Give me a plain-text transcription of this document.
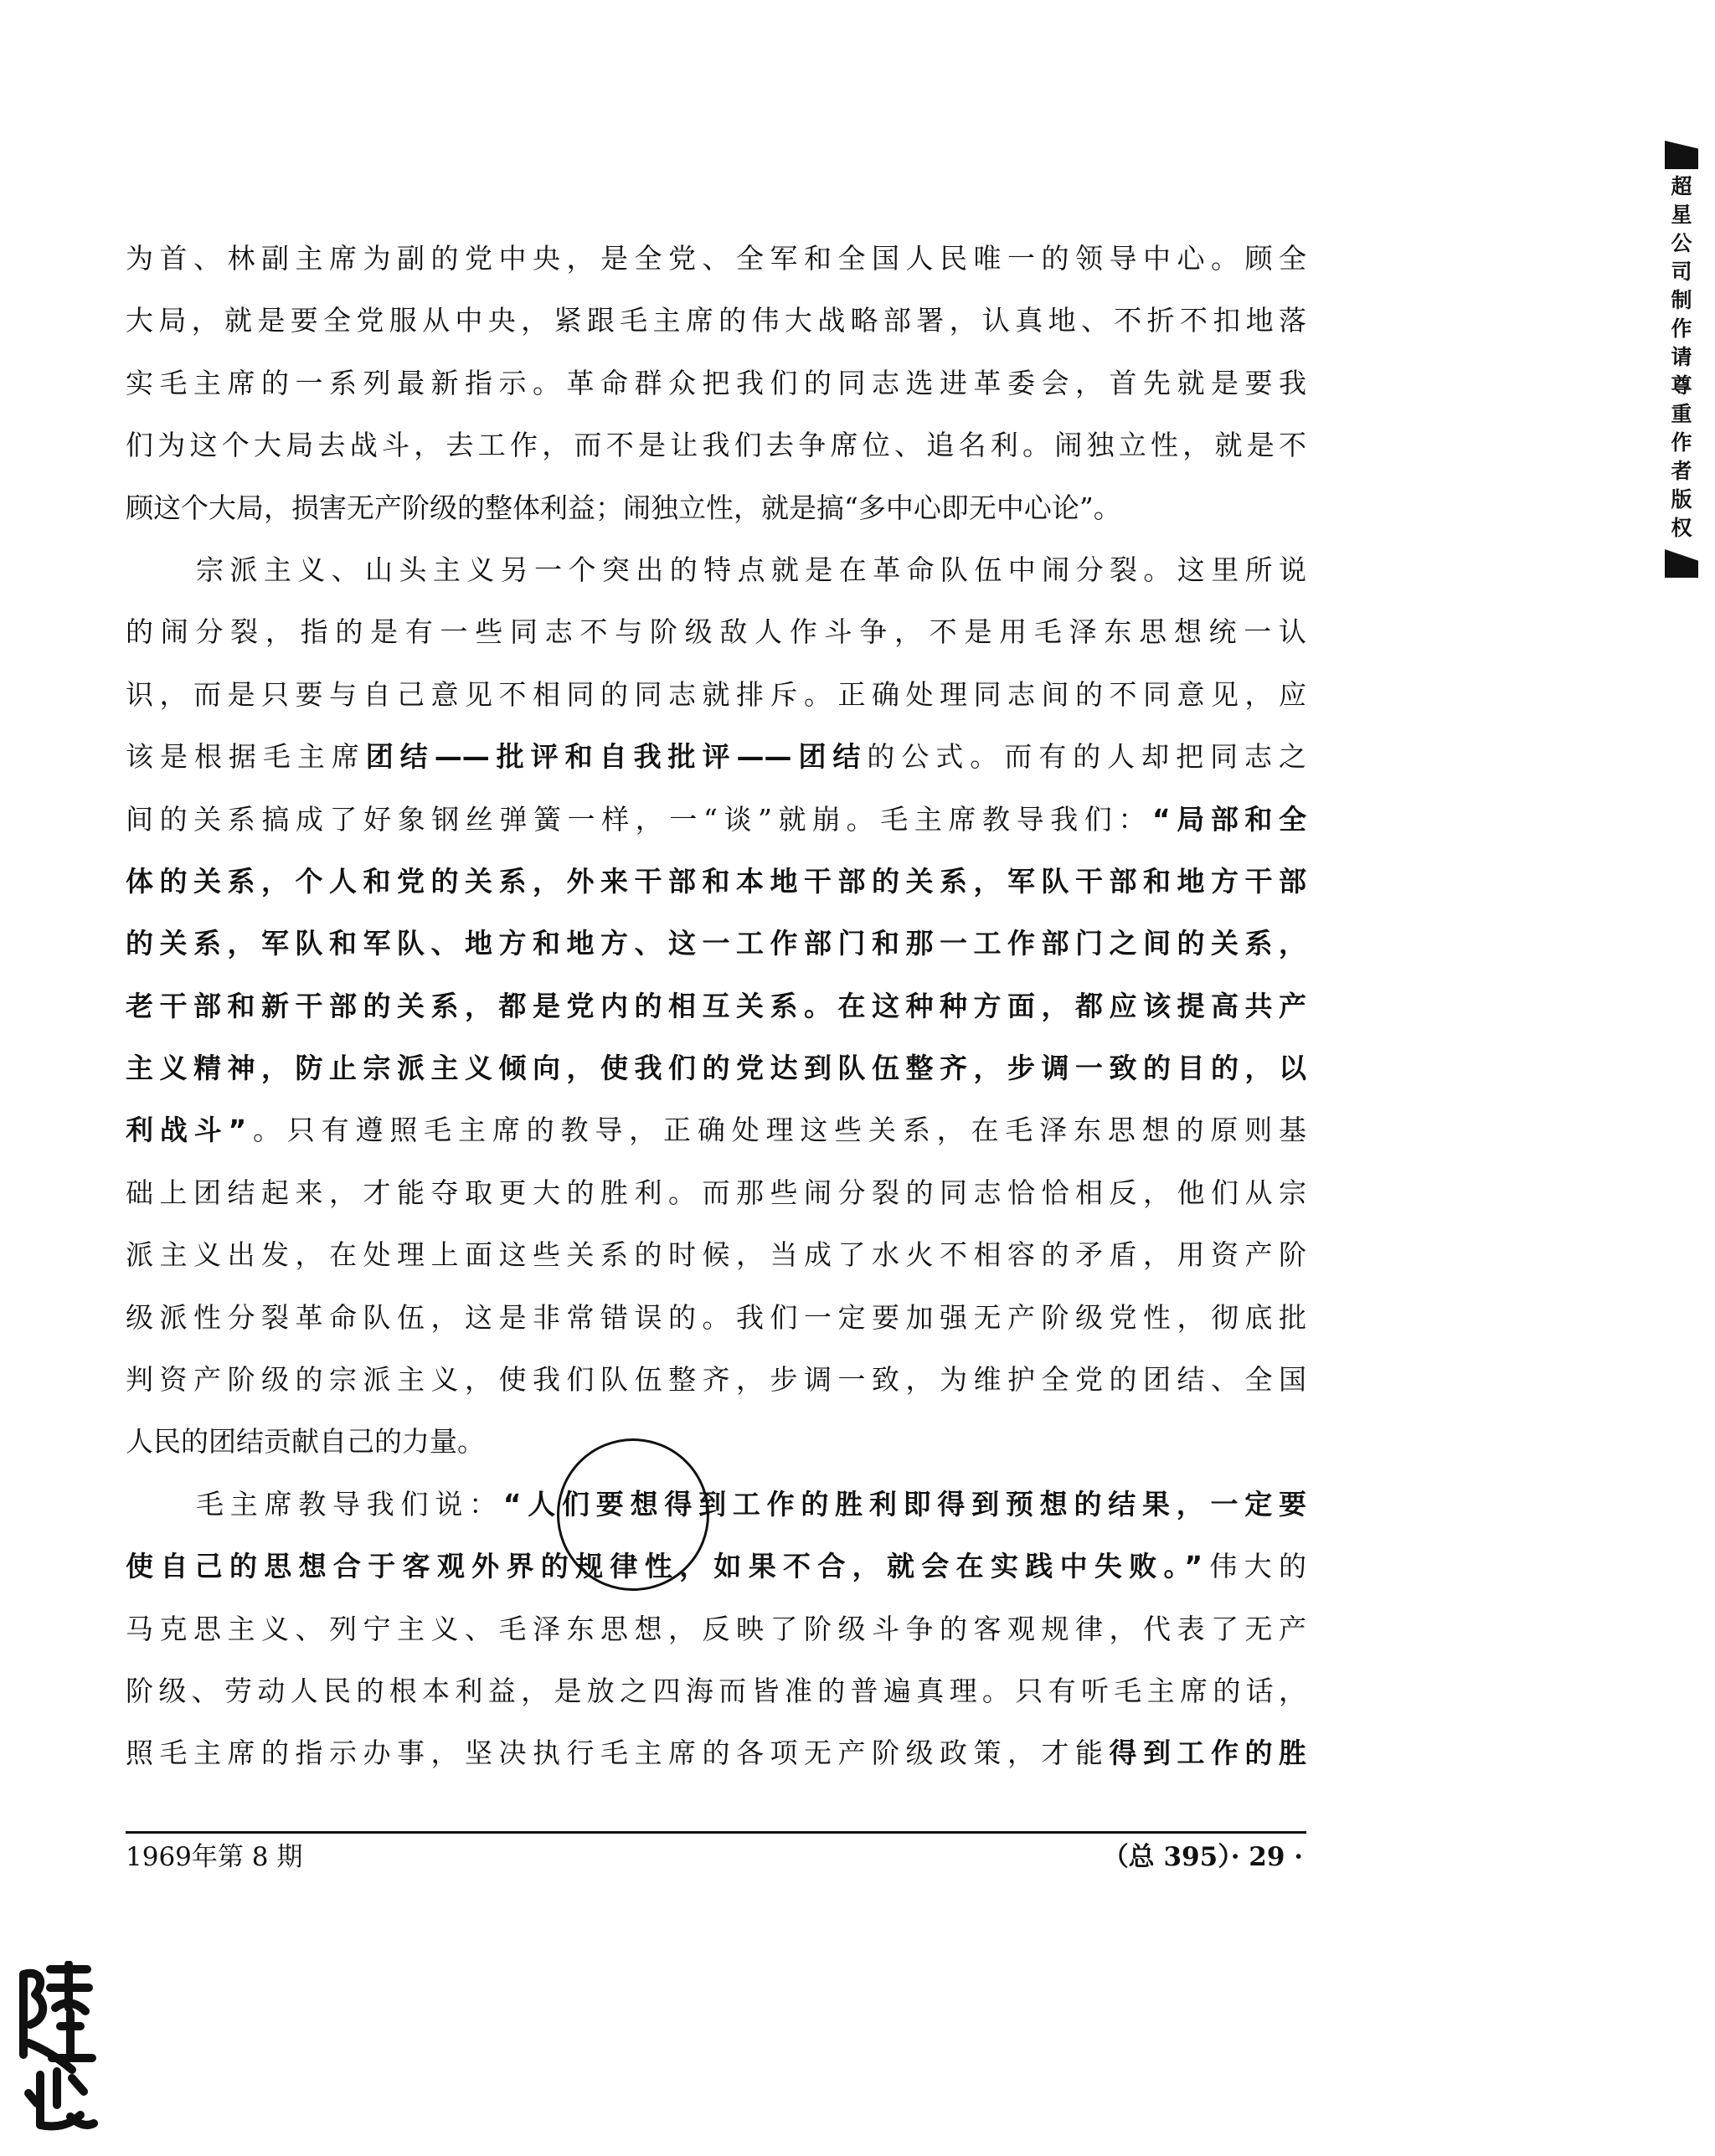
为首、林副主席为副的党中央，是全党、全军和全国人民唯一的领导中心。顾全
大局，就是要全党服从中央，紧跟毛主席的伟大战略部署，认真地、不折不扣地落
实毛主席的一系列最新指示。革命群众把我们的同志选进革委会，首先就是要我
们为这个大局去战斗，去工作，而不是让我们去争席位、追名利。闹独立性，就是不
顾这个大局，损害无产阶级的整体利益；闹独立性，就是搞“多中心即无中心论”。
宗派主义、山头主义另一个突出的特点就是在革命队伍中闹分裂。这里所说
的闹分裂，指的是有一些同志不与阶级敌人作斗争，不是用毛泽东思想统一认
识，而是只要与自己意见不相同的同志就排斥。正确处理同志间的不同意见，应
该是根据毛主席团结——批评和自我批评——团结的公式。而有的人却把同志之
间的关系搞成了好象钢丝弹簧一样，一“谈”就崩。毛主席教导我们：“局部和全
体的关系，个人和党的关系，外来干部和本地干部的关系，军队干部和地方干部
的关系，军队和军队、地方和地方、这一工作部门和那一工作部门之间的关系，
老干部和新干部的关系，都是党内的相互关系。在这种种方面，都应该提高共产
主义精神，防止宗派主义倾向，使我们的党达到队伍整齐，步调一致的目的，以
利战斗”。只有遵照毛主席的教导，正确处理这些关系，在毛泽东思想的原则基
础上团结起来，才能夺取更大的胜利。而那些闹分裂的同志恰恰相反，他们从宗
派主义出发，在处理上面这些关系的时候，当成了水火不相容的矛盾，用资产阶
级派性分裂革命队伍，这是非常错误的。我们一定要加强无产阶级党性，彻底批
判资产阶级的宗派主义，使我们队伍整齐，步调一致，为维护全党的团结、全国
人民的团结贡献自己的力量。
毛主席教导我们说：“人们要想得到工作的胜利即得到预想的结果，一定要
使自己的思想合于客观外界的规律性，如果不合，就会在实践中失败。”伟大的
马克思主义、列宁主义、毛泽东思想，反映了阶级斗争的客观规律，代表了无产
阶级、劳动人民的根本利益，是放之四海而皆准的普遍真理。只有听毛主席的话，
照毛主席的指示办事，坚决执行毛主席的各项无产阶级政策，才能得到工作的胜
1969年第 8 期	（总 395）· 29 ·
超
星
公
司
制
作
请
尊
重
作
者
版
权
